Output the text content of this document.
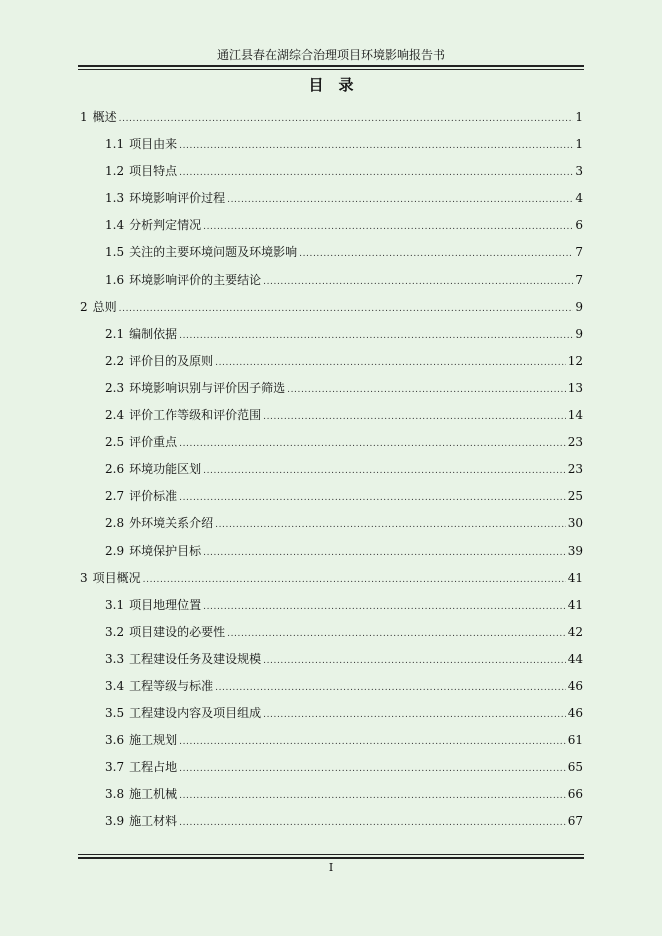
通江县春在湖综合治理项目环境影响报告书
目　录
1 概述 .....	1
1.1 项目由来 .....	1
1.2 项目特点 .....	3
1.3 环境影响评价过程 .....	4
1.4 分析判定情况 .....	6
1.5 关注的主要环境问题及环境影响 .....	7
1.6 环境影响评价的主要结论 .....	7
2 总则 .....	9
2.1 编制依据 .....	9
2.2 评价目的及原则 .....	12
2.3 环境影响识别与评价因子筛选 .....	13
2.4 评价工作等级和评价范围 .....	14
2.5 评价重点 .....	23
2.6 环境功能区划 .....	23
2.7 评价标准 .....	25
2.8 外环境关系介绍 .....	30
2.9 环境保护目标 .....	39
3 项目概况 .....	41
3.1 项目地理位置 .....	41
3.2 项目建设的必要性 .....	42
3.3 工程建设任务及建设规模 .....	44
3.4 工程等级与标准 .....	46
3.5 工程建设内容及项目组成 .....	46
3.6 施工规划 .....	61
3.7 工程占地 .....	65
3.8 施工机械 .....	66
3.9 施工材料 .....	67
I
